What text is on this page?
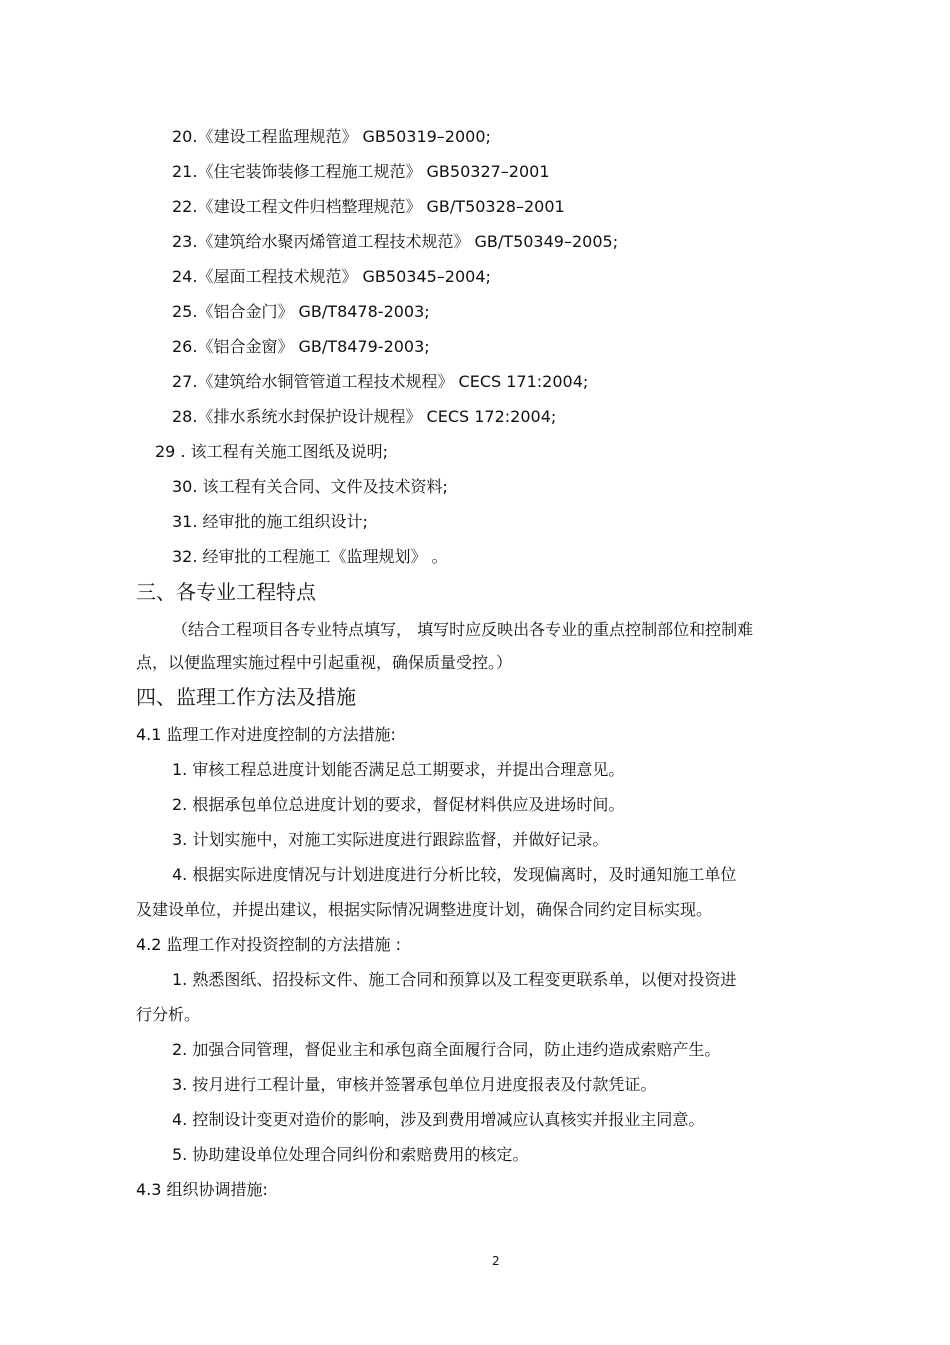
20.《建设工程监理规范》 GB50319–2000;
21.《住宅装饰装修工程施工规范》 GB50327–2001
22.《建设工程文件归档整理规范》 GB/T50328–2001
23.《建筑给水聚丙烯管道工程技术规范》 GB/T50349–2005;
24.《屋面工程技术规范》 GB50345–2004;
25.《铝合金门》 GB/T8478-2003;
26.《铝合金窗》 GB/T8479-2003;
27.《建筑给水铜管管道工程技术规程》 CECS 171:2004;
28.《排水系统水封保护设计规程》 CECS 172:2004;
29 . 该工程有关施工图纸及说明;
30. 该工程有关合同、文件及技术资料;
31. 经审批的施工组织设计;
32. 经审批的工程施工《监理规划》 。
三、各专业工程特点
（结合工程项目各专业特点填写， 填写时应反映出各专业的重点控制部位和控制难
点，以便监理实施过程中引起重视，确保质量受控。）
四、监理工作方法及措施
4.1 监理工作对进度控制的方法措施:
1. 审核工程总进度计划能否满足总工期要求，并提出合理意见。
2. 根据承包单位总进度计划的要求，督促材料供应及进场时间。
3. 计划实施中，对施工实际进度进行跟踪监督，并做好记录。
4. 根据实际进度情况与计划进度进行分析比较，发现偏离时，及时通知施工单位
及建设单位，并提出建议，根据实际情况调整进度计划，确保合同约定目标实现。
4.2 监理工作对投资控制的方法措施 :
1. 熟悉图纸、招投标文件、施工合同和预算以及工程变更联系单，以便对投资进
行分析。
2. 加强合同管理，督促业主和承包商全面履行合同，防止违约造成索赔产生。
3. 按月进行工程计量，审核并签署承包单位月进度报表及付款凭证。
4. 控制设计变更对造价的影响，涉及到费用增减应认真核实并报业主同意。
5. 协助建设单位处理合同纠份和索赔费用的核定。
4.3 组织协调措施:
2
